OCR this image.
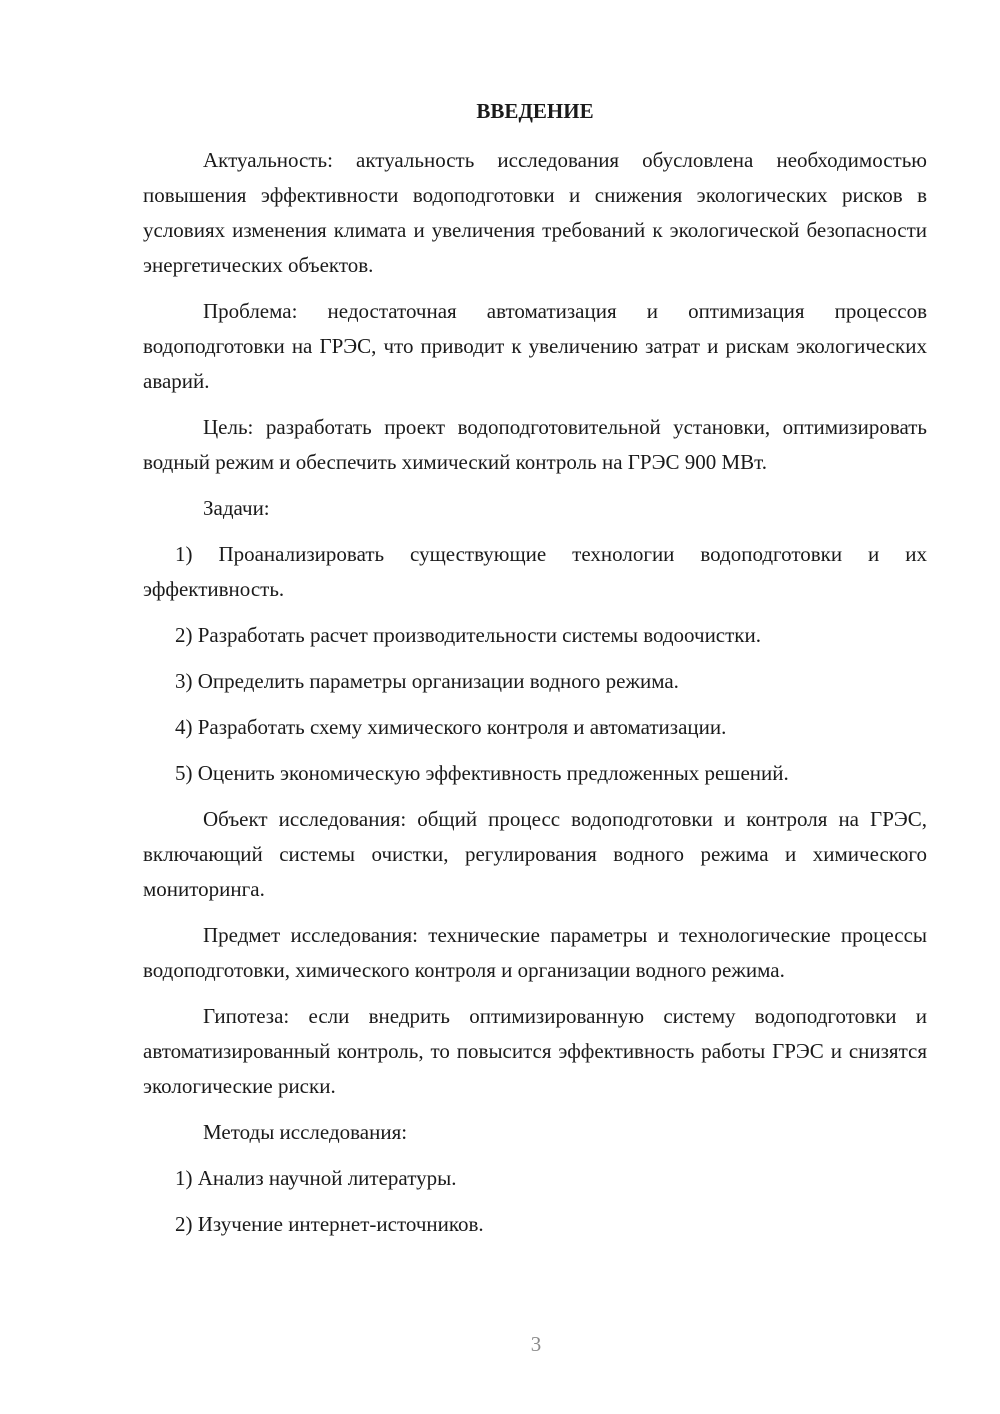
ВВЕДЕНИЕ

Актуальность: актуальность исследования обусловлена необходимостью повышения эффективности водоподготовки и снижения экологических рисков в условиях изменения климата и увеличения требований к экологической безопасности энергетических объектов.

Проблема: недостаточная автоматизация и оптимизация процессов водоподготовки на ГРЭС, что приводит к увеличению затрат и рискам экологических аварий.

Цель: разработать проект водоподготовительной установки, оптимизировать водный режим и обеспечить химический контроль на ГРЭС 900 МВт.

Задачи:

1) Проанализировать существующие технологии водоподготовки и их эффективность.

2) Разработать расчет производительности системы водоочистки.

3) Определить параметры организации водного режима.

4) Разработать схему химического контроля и автоматизации.

5) Оценить экономическую эффективность предложенных решений.

Объект исследования: общий процесс водоподготовки и контроля на ГРЭС, включающий системы очистки, регулирования водного режима и химического мониторинга.

Предмет исследования: технические параметры и технологические процессы водоподготовки, химического контроля и организации водного режима.

Гипотеза: если внедрить оптимизированную систему водоподготовки и автоматизированный контроль, то повысится эффективность работы ГРЭС и снизятся экологические риски.

Методы исследования:

1) Анализ научной литературы.

2) Изучение интернет-источников.

3
